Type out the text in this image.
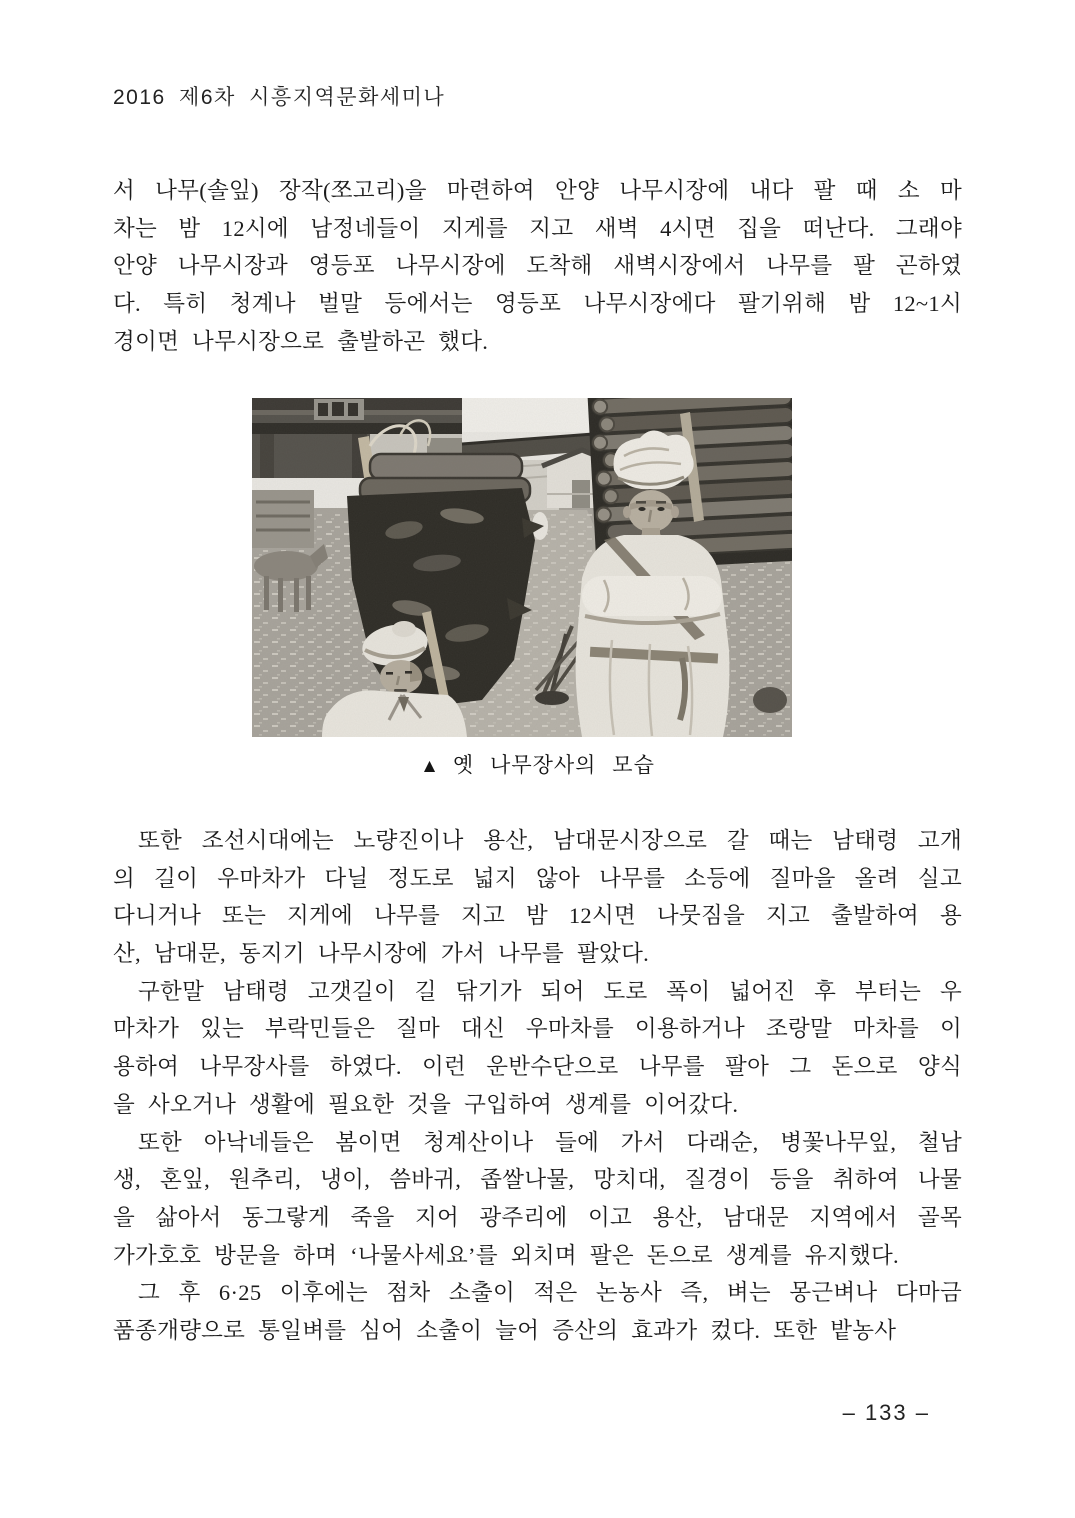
2016 제6차 시흥지역문화세미나
서 나무(솔잎) 장작(쪼고리)을 마련하여 안양 나무시장에 내다 팔 때 소 마
차는 밤 12시에 남정네들이 지게를 지고 새벽 4시면 집을 떠난다. 그래야
안양 나무시장과 영등포 나무시장에 도착해 새벽시장에서 나무를 팔 곤하였
다. 특히 청계나 벌말 등에서는 영등포 나무시장에다 팔기위해 밤 12~1시
경이면 나무시장으로 출발하곤 했다.
▲ 옛 나무장사의 모습
또한 조선시대에는 노량진이나 용산, 남대문시장으로 갈 때는 남태령 고개
의 길이 우마차가 다닐 정도로 넓지 않아 나무를 소등에 질마을 올려 실고
다니거나 또는 지게에 나무를 지고 밤 12시면 나뭇짐을 지고 출발하여 용
산, 남대문, 동지기 나무시장에 가서 나무를 팔았다.
구한말 남태령 고갯길이 길 닦기가 되어 도로 폭이 넓어진 후 부터는 우
마차가 있는 부락민들은 질마 대신 우마차를 이용하거나 조랑말 마차를 이
용하여 나무장사를 하였다. 이런 운반수단으로 나무를 팔아 그 돈으로 양식
을 사오거나 생활에 필요한 것을 구입하여 생계를 이어갔다.
또한 아낙네들은 봄이면 청계산이나 들에 가서 다래순, 병꽃나무잎, 철남
생, 혼잎, 원추리, 냉이, 씀바귀, 좁쌀나물, 망치대, 질경이 등을 취하여 나물
을 삶아서 동그랗게 죽을 지어 광주리에 이고 용산, 남대문 지역에서 골목
가가호호 방문을 하며 ‘나물사세요’를 외치며 팔은 돈으로 생계를 유지했다.
그 후 6·25 이후에는 점차 소출이 적은 논농사 즉, 벼는 몽근벼나 다마금
품종개량으로 통일벼를 심어 소출이 늘어 증산의 효과가 컸다. 또한 밭농사
– 133 –
